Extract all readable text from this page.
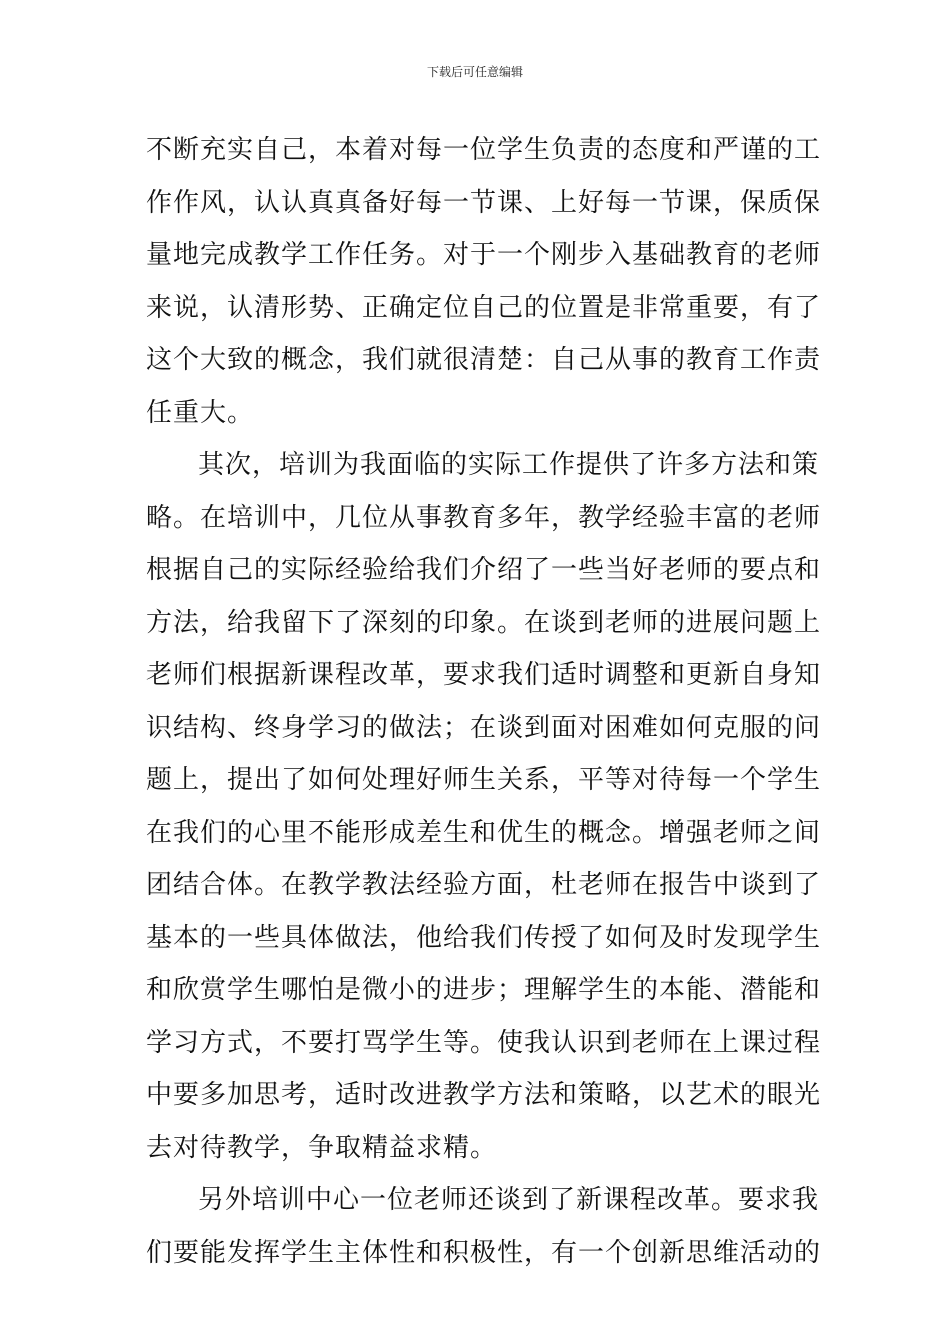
下载后可任意编辑
不断充实自己，本着对每一位学生负责的态度和严谨的工
作作风，认认真真备好每一节课、上好每一节课，保质保
量地完成教学工作任务。对于一个刚步入基础教育的老师
来说，认清形势、正确定位自己的位置是非常重要，有了
这个大致的概念，我们就很清楚：自己从事的教育工作责
任重大。
其次，培训为我面临的实际工作提供了许多方法和策
略。在培训中，几位从事教育多年，教学经验丰富的老师
根据自己的实际经验给我们介绍了一些当好老师的要点和
方法，给我留下了深刻的印象。在谈到老师的进展问题上
老师们根据新课程改革，要求我们适时调整和更新自身知
识结构、终身学习的做法；在谈到面对困难如何克服的问
题上，提出了如何处理好师生关系，平等对待每一个学生
在我们的心里不能形成差生和优生的概念。增强老师之间
团结合体。在教学教法经验方面，杜老师在报告中谈到了
基本的一些具体做法，他给我们传授了如何及时发现学生
和欣赏学生哪怕是微小的进步；理解学生的本能、潜能和
学习方式，不要打骂学生等。使我认识到老师在上课过程
中要多加思考，适时改进教学方法和策略，以艺术的眼光
去对待教学，争取精益求精。
另外培训中心一位老师还谈到了新课程改革。要求我
们要能发挥学生主体性和积极性，有一个创新思维活动的
